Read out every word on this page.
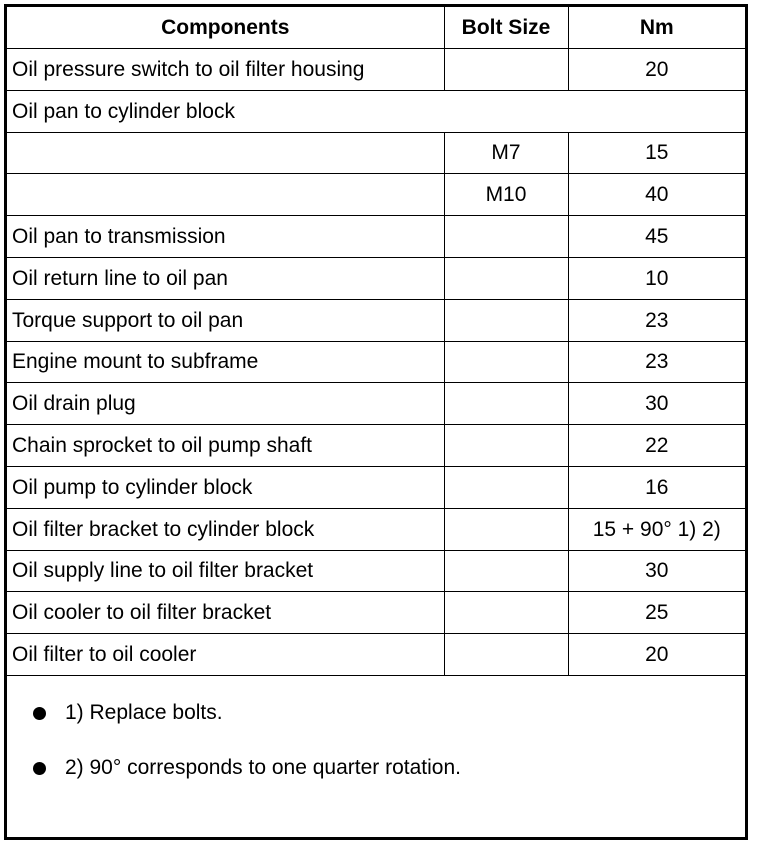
Components	Bolt Size	Nm
Oil pressure switch to oil filter housing		20
Oil pan to cylinder block		
	M7	15
	M10	40
Oil pan to transmission		45
Oil return line to oil pan		10
Torque support to oil pan		23
Engine mount to subframe		23
Oil drain plug		30
Chain sprocket to oil pump shaft		22
Oil pump to cylinder block		16
Oil filter bracket to cylinder block		15 + 90° 1) 2)
Oil supply line to oil filter bracket		30
Oil cooler to oil filter bracket		25
Oil filter to oil cooler		20
1) Replace bolts.
2) 90° corresponds to one quarter rotation.
